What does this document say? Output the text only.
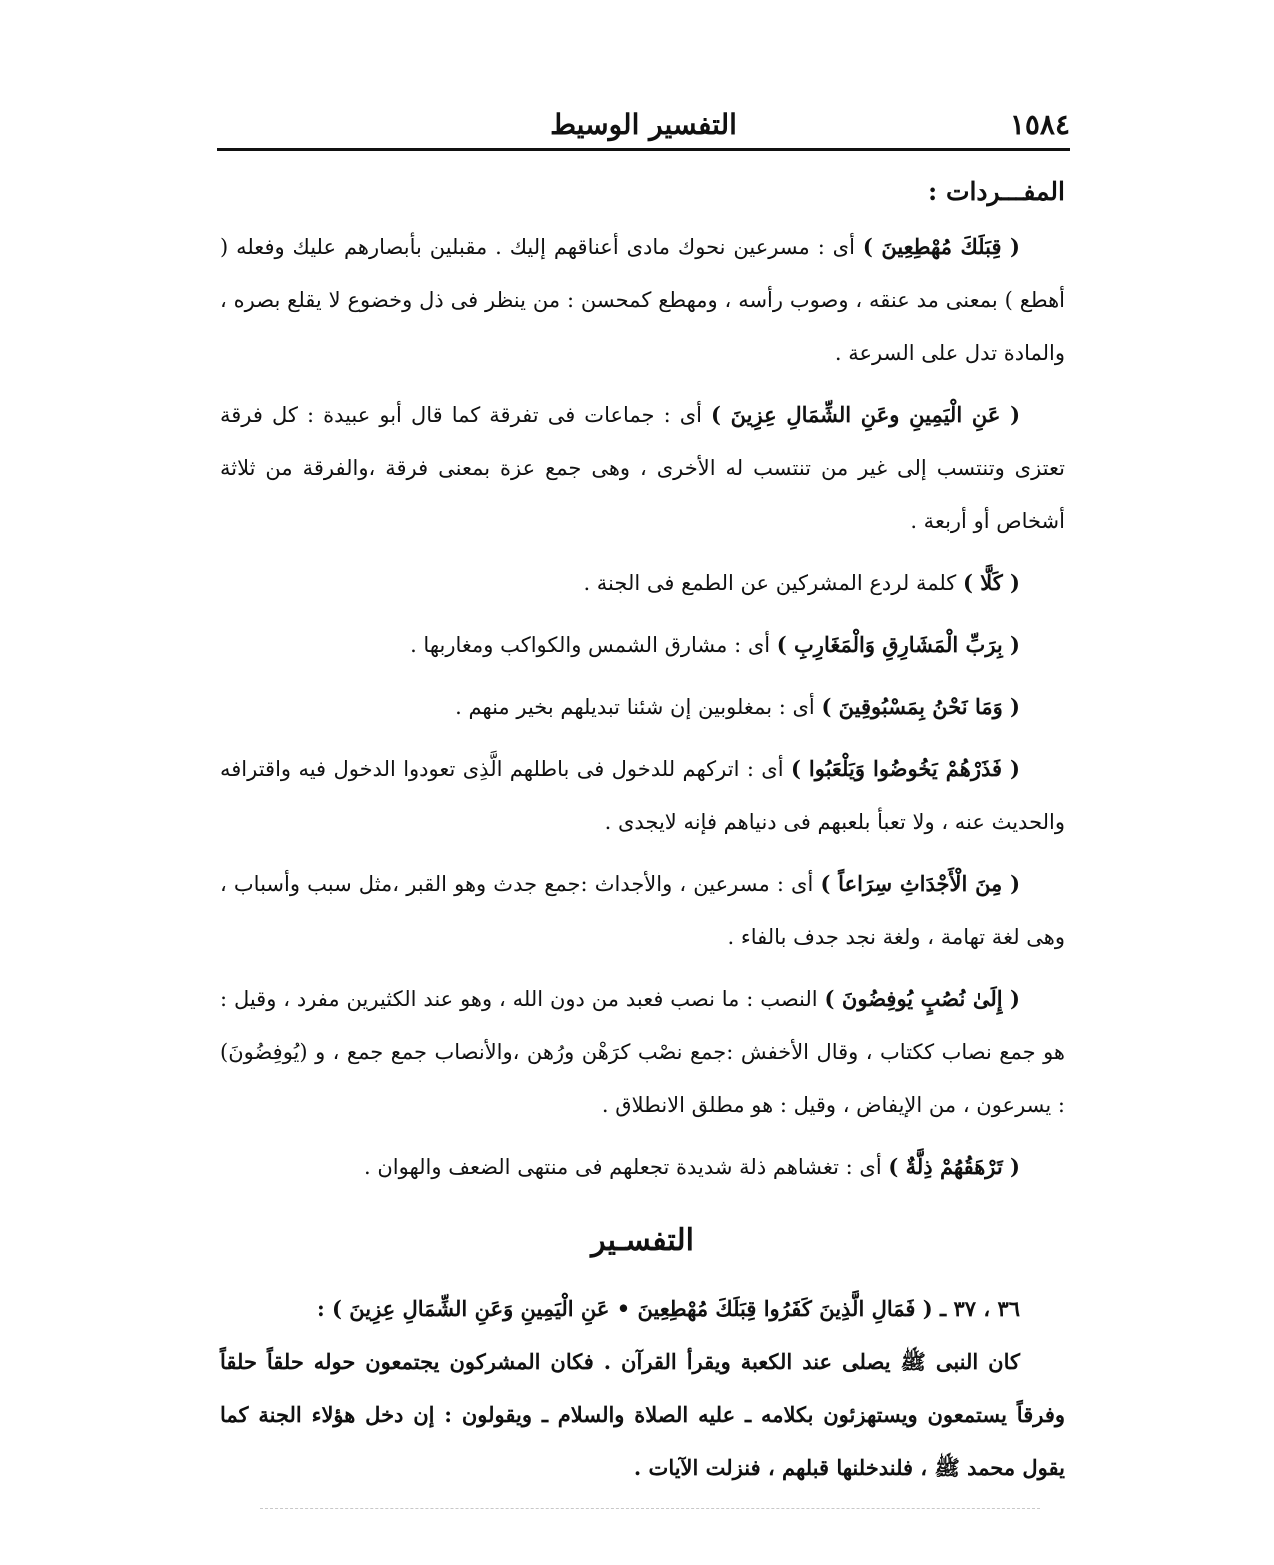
١٥٨٤
التفسير الوسيط

المفـــردات :

( قِبَلَكَ مُهْطِعِينَ ) أى : مسرعين نحوك مادى أعناقهم إليك . مقبلين بأبصارهم عليك وفعله ( أهطع ) بمعنى مد عنقه ، وصوب رأسه ، ومهطع كمحسن : من ينظر فى ذل وخضوع لا يقلع بصره ، والمادة تدل على السرعة .

( عَنِ الْيَمِينِ وعَنِ الشِّمَالِ عِزِينَ ) أى : جماعات فى تفرقة كما قال أبو عبيدة : كل فرقة تعتزى وتنتسب إلى غير من تنتسب له الأخرى ، وهى جمع عزة بمعنى فرقة ،والفرقة من ثلاثة أشخاص أو أربعة .

( كَلَّا ) كلمة لردع المشركين عن الطمع فى الجنة .

( بِرَبِّ الْمَشَارِقِ وَالْمَغَارِبِ ) أى : مشارق الشمس والكواكب ومغاربها .

( وَمَا نَحْنُ بِمَسْبُوقِينَ ) أى : بمغلوبين إن شئنا تبديلهم بخير منهم .

( فَذَرْهُمْ يَخُوضُوا وَيَلْعَبُوا ) أى : اتركهم للدخول فى باطلهم الَّذِى تعودوا الدخول فيه واقترافه والحديث عنه ، ولا تعبأ بلعبهم فى دنياهم فإنه لايجدى .

( مِنَ الْأَجْدَاثِ سِرَاعاً ) أى : مسرعين ، والأجداث :جمع جدث وهو القبر ،مثل سبب وأسباب ، وهى لغة تهامة ، ولغة نجد جدف بالفاء .

( إِلَىٰ نُصُبٍ يُوفِضُونَ ) النصب : ما نصب فعبد من دون الله ، وهو عند الكثيرين مفرد ، وقيل : هو جمع نصاب ككتاب ، وقال الأخفش :جمع نصْب كرَهْن ورُهن ،والأنصاب جمع جمع ، و (يُوفِضُونَ) : يسرعون ، من الإيفاض ، وقيل : هو مطلق الانطلاق .

( تَرْهَقُهُمْ ذِلَّةٌ ) أى : تغشاهم ذلة شديدة تجعلهم فى منتهى الضعف والهوان .

التفسـير

٣٦ ، ٣٧ ـ ( فَمَالِ الَّذِينَ كَفَرُوا قِبَلَكَ مُهْطِعِينَ • عَنِ الْيَمِينِ وَعَنِ الشِّمَالِ عِزِينَ ) :

كان النبى ﷺ يصلى عند الكعبة ويقرأ القرآن . فكان المشركون يجتمعون حوله حلقاً حلقاً وفرقاً يستمعون ويستهزئون بكلامه ـ عليه الصلاة والسلام ـ ويقولون : إن دخل هؤلاء الجنة كما يقول محمد ﷺ ، فلندخلنها قبلهم ، فنزلت الآيات .
